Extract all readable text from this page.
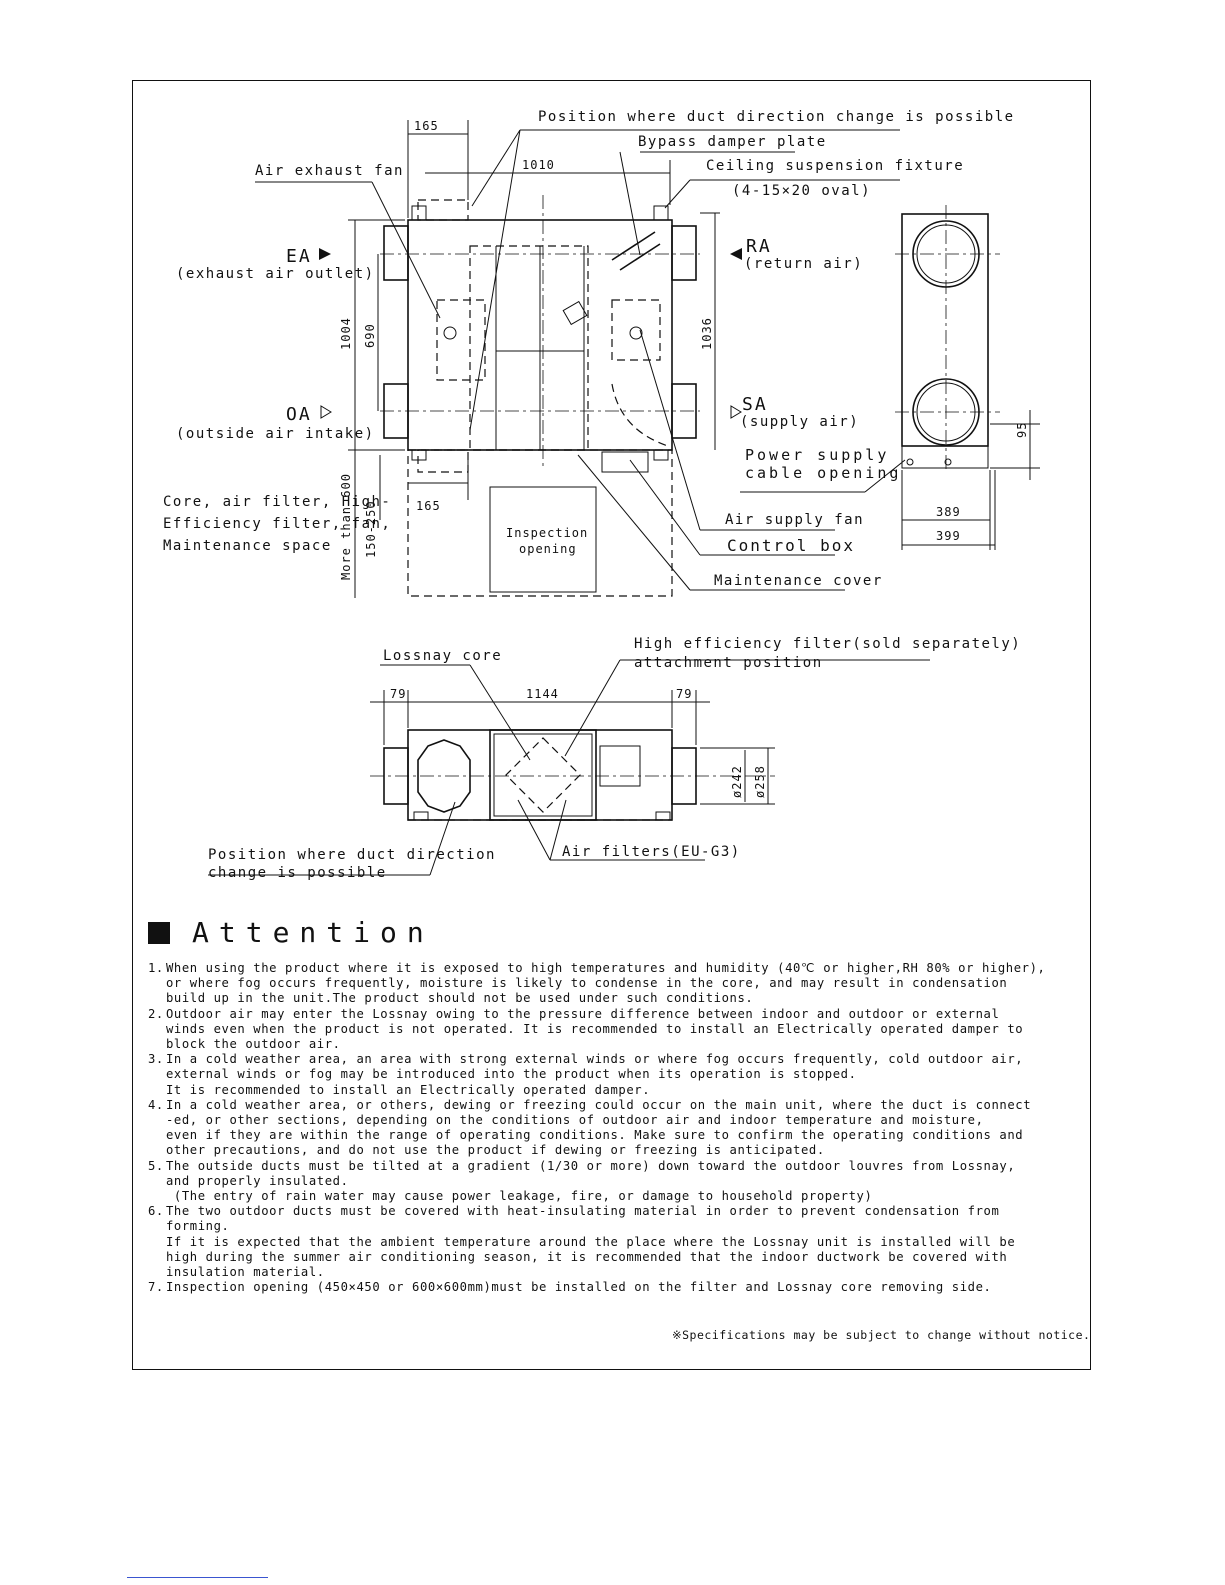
Position where duct direction change is possible
Bypass damper plate
Ceiling suspension fixture
(4-15×20 oval)
Air exhaust fan
Air supply fan
Control box
Maintenance cover
Power supply
cable opening
Inspection
opening
Core, air filter, High-
Efficiency filter, fan,
Maintenance space
EA
(exhaust air outlet)
OA
(outside air intake)
RA
(return air)
SA
(supply air)
165
1010
1004 690	1036
More than 600 150-250	165
95
389
399
Lossnay core
High efficiency filter(sold separately)
attachment position
Position where duct direction
change is possible
Air filters(EU-G3)
79	1144	79
ø242 ø258
Attention
1. When using the product where it is exposed to high temperatures and humidity (40℃ or higher,RH 80% or higher),
or where fog occurs frequently, moisture is likely to condense in the core, and may result in condensation
build up in the unit.The product should not be used under such conditions.
2. Outdoor air may enter the Lossnay owing to the pressure difference between indoor and outdoor or external
winds even when the product is not operated. It is recommended to install an Electrically operated damper to
block the outdoor air.
3. In a cold weather area, an area with strong external winds or where fog occurs frequently, cold outdoor air,
external winds or fog may be introduced into the product when its operation is stopped.
It is recommended to install an Electrically operated damper.
4. In a cold weather area, or others, dewing or freezing could occur on the main unit, where the duct is connect
-ed, or other sections, depending on the conditions of outdoor air and indoor temperature and moisture,
even if they are within the range of operating conditions. Make sure to confirm the operating conditions and
other precautions, and do not use the product if dewing or freezing is anticipated.
5. The outside ducts must be tilted at a gradient (1/30 or more) down toward the outdoor louvres from Lossnay,
and properly insulated.
(The entry of rain water may cause power leakage, fire, or damage to household property)
6. The two outdoor ducts must be covered with heat-insulating material in order to prevent condensation from
forming.
If it is expected that the ambient temperature around the place where the Lossnay unit is installed will be
high during the summer air conditioning season, it is recommended that the indoor ductwork be covered with
insulation material.
7. Inspection opening (450×450 or 600×600mm)must be installed on the filter and Lossnay core removing side.
※Specifications may be subject to change without notice.
